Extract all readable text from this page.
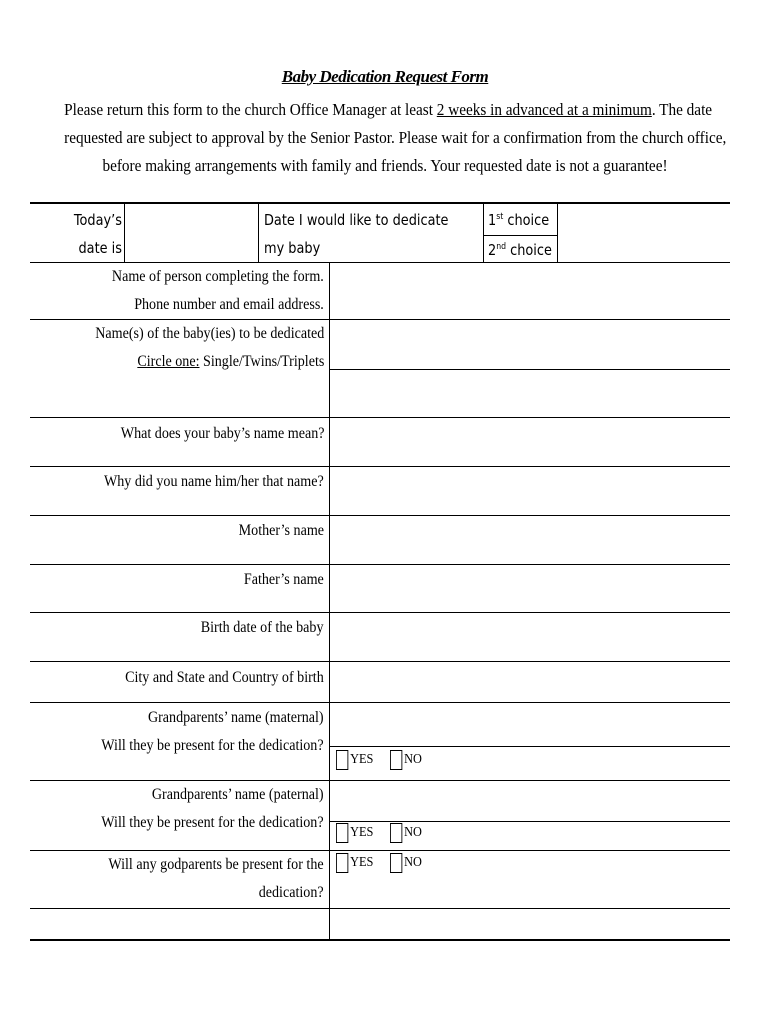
Baby Dedication Request Form
Please return this form to the church Office Manager at least 2 weeks in advanced at a minimum. The date
requested are subject to approval by the Senior Pastor. Please wait for a confirmation from the church office,
before making arrangements with family and friends. Your requested date is not a guarantee!
Today’s
date is
Date I would like to dedicate
my baby
1st choice
2nd choice
Name of person completing the form.
Phone number and email address.
Name(s) of the baby(ies) to be dedicated
Circle one: Single/Twins/Triplets
What does your baby’s name mean?
Why did you name him/her that name?
Mother’s name
Father’s name
Birth date of the baby
City and State and Country of birth
Grandparents’ name (maternal)
Will they be present for the dedication?
Grandparents’ name (paternal)
Will they be present for the dedication?
Will any godparents be present for the
dedication?
YES NO
YES NO
YES NO
